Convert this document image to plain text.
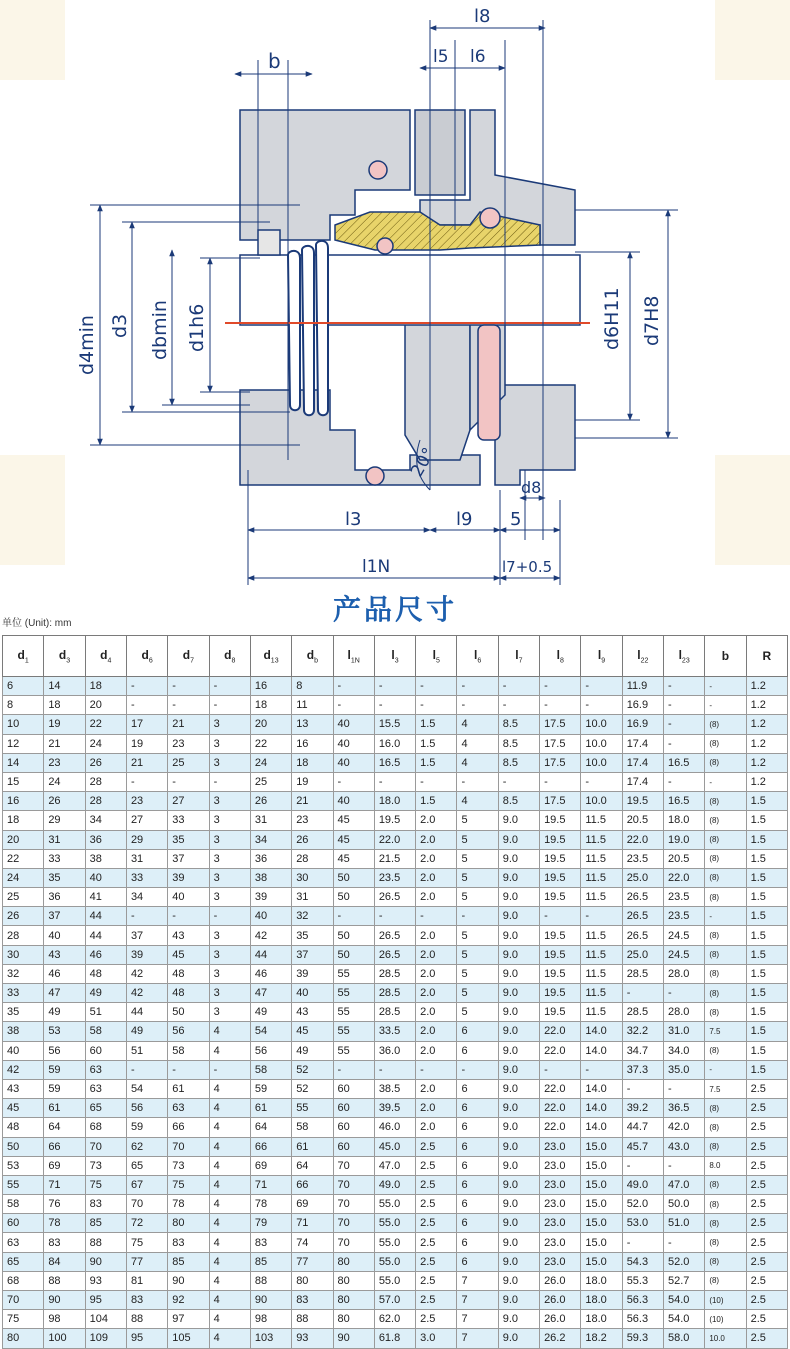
b
l8
l5 l6
d4min d3 dbmin d1h6	d6H11 d7H8
20°
d8
l3	l9 5
l1N	l7+0.5
产品尺寸
单位 (Unit): mm
$d_1$	$d_3$	$d_4$	$d_6$	$d_7$	$d_8$	$d_{13}$	$d_b$	$l_{1N}$	$l_3$	$l_5$	$l_6$	$l_7$	$l_8$	$l_9$	$l_{22}$	$l_{23}$	b	R
6	14	18	-	-	-	16	8	-	-	-	-	-	-	-	11.9	-	-	1.2
8	18	20	-	-	-	18	11	-	-	-	-	-	-	-	16.9	-	-	1.2
10	19	22	17	21	3	20	13	40	15.5	1.5	4	8.5	17.5	10.0	16.9	-	(8)	1.2
12	21	24	19	23	3	22	16	40	16.0	1.5	4	8.5	17.5	10.0	17.4	-	(8)	1.2
14	23	26	21	25	3	24	18	40	16.5	1.5	4	8.5	17.5	10.0	17.4	16.5	(8)	1.2
15	24	28	-	-	-	25	19	-	-	-	-	-	-	-	17.4	-	-	1.2
16	26	28	23	27	3	26	21	40	18.0	1.5	4	8.5	17.5	10.0	19.5	16.5	(8)	1.5
18	29	34	27	33	3	31	23	45	19.5	2.0	5	9.0	19.5	11.5	20.5	18.0	(8)	1.5
20	31	36	29	35	3	34	26	45	22.0	2.0	5	9.0	19.5	11.5	22.0	19.0	(8)	1.5
22	33	38	31	37	3	36	28	45	21.5	2.0	5	9.0	19.5	11.5	23.5	20.5	(8)	1.5
24	35	40	33	39	3	38	30	50	23.5	2.0	5	9.0	19.5	11.5	25.0	22.0	(8)	1.5
25	36	41	34	40	3	39	31	50	26.5	2.0	5	9.0	19.5	11.5	26.5	23.5	(8)	1.5
26	37	44	-	-	-	40	32	-	-	-	-	9.0	-	-	26.5	23.5	-	1.5
28	40	44	37	43	3	42	35	50	26.5	2.0	5	9.0	19.5	11.5	26.5	24.5	(8)	1.5
30	43	46	39	45	3	44	37	50	26.5	2.0	5	9.0	19.5	11.5	25.0	24.5	(8)	1.5
32	46	48	42	48	3	46	39	55	28.5	2.0	5	9.0	19.5	11.5	28.5	28.0	(8)	1.5
33	47	49	42	48	3	47	40	55	28.5	2.0	5	9.0	19.5	11.5	-	-	(8)	1.5
35	49	51	44	50	3	49	43	55	28.5	2.0	5	9.0	19.5	11.5	28.5	28.0	(8)	1.5
38	53	58	49	56	4	54	45	55	33.5	2.0	6	9.0	22.0	14.0	32.2	31.0	7.5	1.5
40	56	60	51	58	4	56	49	55	36.0	2.0	6	9.0	22.0	14.0	34.7	34.0	(8)	1.5
42	59	63	-	-	-	58	52	-	-	-	-	9.0	-	-	37.3	35.0	-	1.5
43	59	63	54	61	4	59	52	60	38.5	2.0	6	9.0	22.0	14.0	-	-	7.5	2.5
45	61	65	56	63	4	61	55	60	39.5	2.0	6	9.0	22.0	14.0	39.2	36.5	(8)	2.5
48	64	68	59	66	4	64	58	60	46.0	2.0	6	9.0	22.0	14.0	44.7	42.0	(8)	2.5
50	66	70	62	70	4	66	61	60	45.0	2.5	6	9.0	23.0	15.0	45.7	43.0	(8)	2.5
53	69	73	65	73	4	69	64	70	47.0	2.5	6	9.0	23.0	15.0	-	-	8.0	2.5
55	71	75	67	75	4	71	66	70	49.0	2.5	6	9.0	23.0	15.0	49.0	47.0	(8)	2.5
58	76	83	70	78	4	78	69	70	55.0	2.5	6	9.0	23.0	15.0	52.0	50.0	(8)	2.5
60	78	85	72	80	4	79	71	70	55.0	2.5	6	9.0	23.0	15.0	53.0	51.0	(8)	2.5
63	83	88	75	83	4	83	74	70	55.0	2.5	6	9.0	23.0	15.0	-	-	(8)	2.5
65	84	90	77	85	4	85	77	80	55.0	2.5	6	9.0	23.0	15.0	54.3	52.0	(8)	2.5
68	88	93	81	90	4	88	80	80	55.0	2.5	7	9.0	26.0	18.0	55.3	52.7	(8)	2.5
70	90	95	83	92	4	90	83	80	57.0	2.5	7	9.0	26.0	18.0	56.3	54.0	(10)	2.5
75	98	104	88	97	4	98	88	80	62.0	2.5	7	9.0	26.0	18.0	56.3	54.0	(10)	2.5
80	100	109	95	105	4	103	93	90	61.8	3.0	7	9.0	26.2	18.2	59.3	58.0	10.0	2.5
